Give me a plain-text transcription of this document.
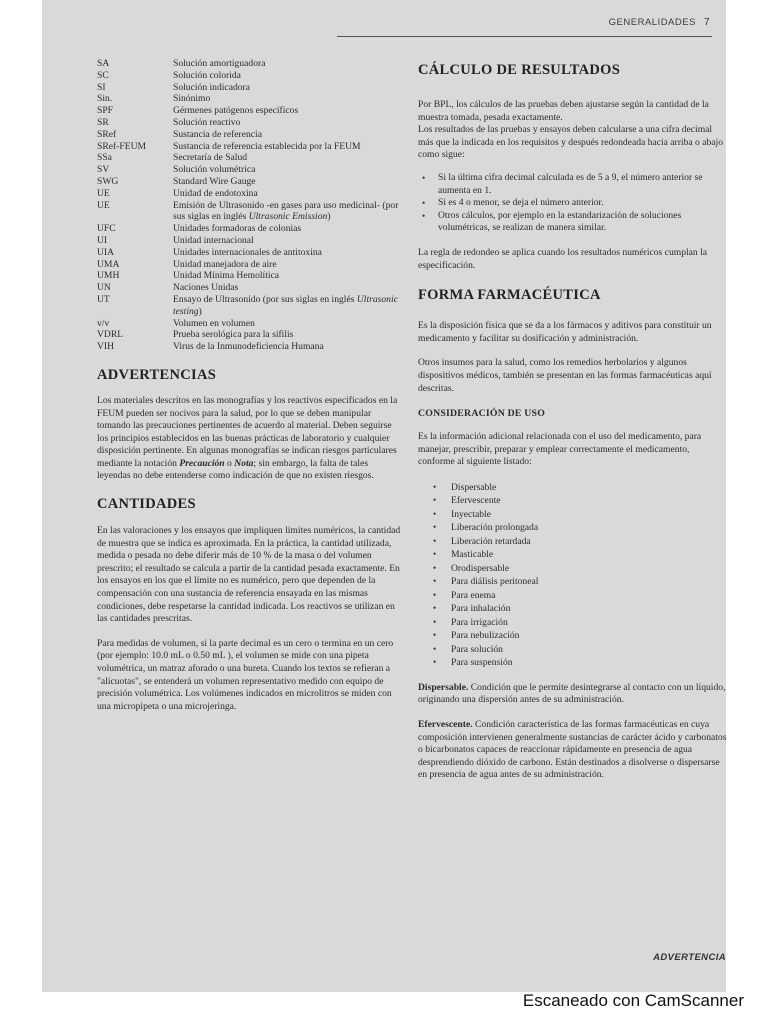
GENERALIDADES 7
SA	Solución amortiguadora
SC	Solución colorida
SI	Solución indicadora
Sin.	Sinónimo
SPF	Gérmenes patógenos específicos
SR	Solución reactivo
SRef	Sustancia de referencia
SRef-FEUM	Sustancia de referencia establecida por la FEUM
SSa	Secretaría de Salud
SV	Solución volumétrica
SWG	Standard Wire Gauge
UE	Unidad de endotoxina
UE	Emisión de Ultrasonido -en gases para uso medicinal- (por sus siglas en inglés Ultrasonic Emission)
UFC	Unidades formadoras de colonias
UI	Unidad internacional
UIA	Unidades internacionales de antitoxina
UMA	Unidad manejadora de aire
UMH	Unidad Mínima Hemolítica
UN	Naciones Unidas
UT	Ensayo de Ultrasonido (por sus siglas en inglés Ultrasonic testing)
v/v	Volumen en volumen
VDRL	Prueba serológica para la sífilis
VIH	Virus de la Inmunodeficiencia Humana
ADVERTENCIAS

Los materiales descritos en las monografías y los reactivos especificados en la FEUM pueden ser nocivos para la salud, por lo que se deben manipular tomando las precauciones pertinentes de acuerdo al material. Deben seguirse los principios establecidos en las buenas prácticas de laboratorio y cualquier disposición pertinente. En algunas monografías se indican riesgos particulares mediante la notación Precaución o Nota; sin embargo, la falta de tales leyendas no debe entenderse como indicación de que no existen riesgos.

CANTIDADES

En las valoraciones y los ensayos que impliquen límites numéricos, la cantidad de muestra que se indica es aproximada. En la práctica, la cantidad utilizada, medida o pesada no debe diferir más de 10 % de la masa o del volumen prescrito; el resultado se calcula a partir de la cantidad pesada exactamente. En los ensayos en los que el límite no es numérico, pero que dependen de la compensación con una sustancia de referencia ensayada en las mismas condiciones, debe respetarse la cantidad indicada. Los reactivos se utilizan en las cantidades prescritas.

Para medidas de volumen, si la parte decimal es un cero o termina en un cero (por ejemplo: 10.0 mL o 0.50 mL ), el volumen se mide con una pipeta volumétrica, un matraz aforado o una bureta. Cuando los textos se refieran a "alícuotas", se entenderá un volumen representativo medido con equipo de precisión volumétrica. Los volúmenes indicados en microlitros se miden con una micropipeta o una microjeringa.

CÁLCULO DE RESULTADOS

Por BPL, los cálculos de las pruebas deben ajustarse según la cantidad de la muestra tomada, pesada exactamente.

Los resultados de las pruebas y ensayos deben calcularse a una cifra decimal más que la indicada en los requisitos y después redondeada hacia arriba o abajo como sigue:

• Si la última cifra decimal calculada es de 5 a 9, el número anterior se aumenta en 1.
• Si es 4 o menor, se deja el número anterior.
• Otros cálculos, por ejemplo en la estandarización de soluciones volumétricas, se realizan de manera similar.

La regla de redondeo se aplica cuando los resultados numéricos cumplan la especificación.

FORMA FARMACÉUTICA

Es la disposición física que se da a los fármacos y aditivos para constituir un medicamento y facilitar su dosificación y administración.

Otros insumos para la salud, como los remedios herbolarios y algunos dispositivos médicos, también se presentan en las formas farmacéuticas aquí descritas.

CONSIDERACIÓN DE USO

Es la información adicional relacionada con el uso del medicamento, para manejar, prescribir, preparar y emplear correctamente el medicamento, conforme al siguiente listado:

• Dispersable
• Efervescente
• Inyectable
• Liberación prolongada
• Liberación retardada
• Masticable
• Orodispersable
• Para diálisis peritoneal
• Para enema
• Para inhalación
• Para irrigación
• Para nebulización
• Para solución
• Para suspensión

Dispersable. Condición que le permite desintegrarse al contacto con un líquido, originando una dispersión antes de su administración.

Efervescente. Condición característica de las formas farmacéuticas en cuya composición intervienen generalmente sustancias de carácter ácido y carbonatos o bicarbonatos capaces de reaccionar rápidamente en presencia de agua desprendiendo dióxido de carbono. Están destinados a disolverse o dispersarse en presencia de agua antes de su administración.

ADVERTENCIA
Escaneado con CamScanner
